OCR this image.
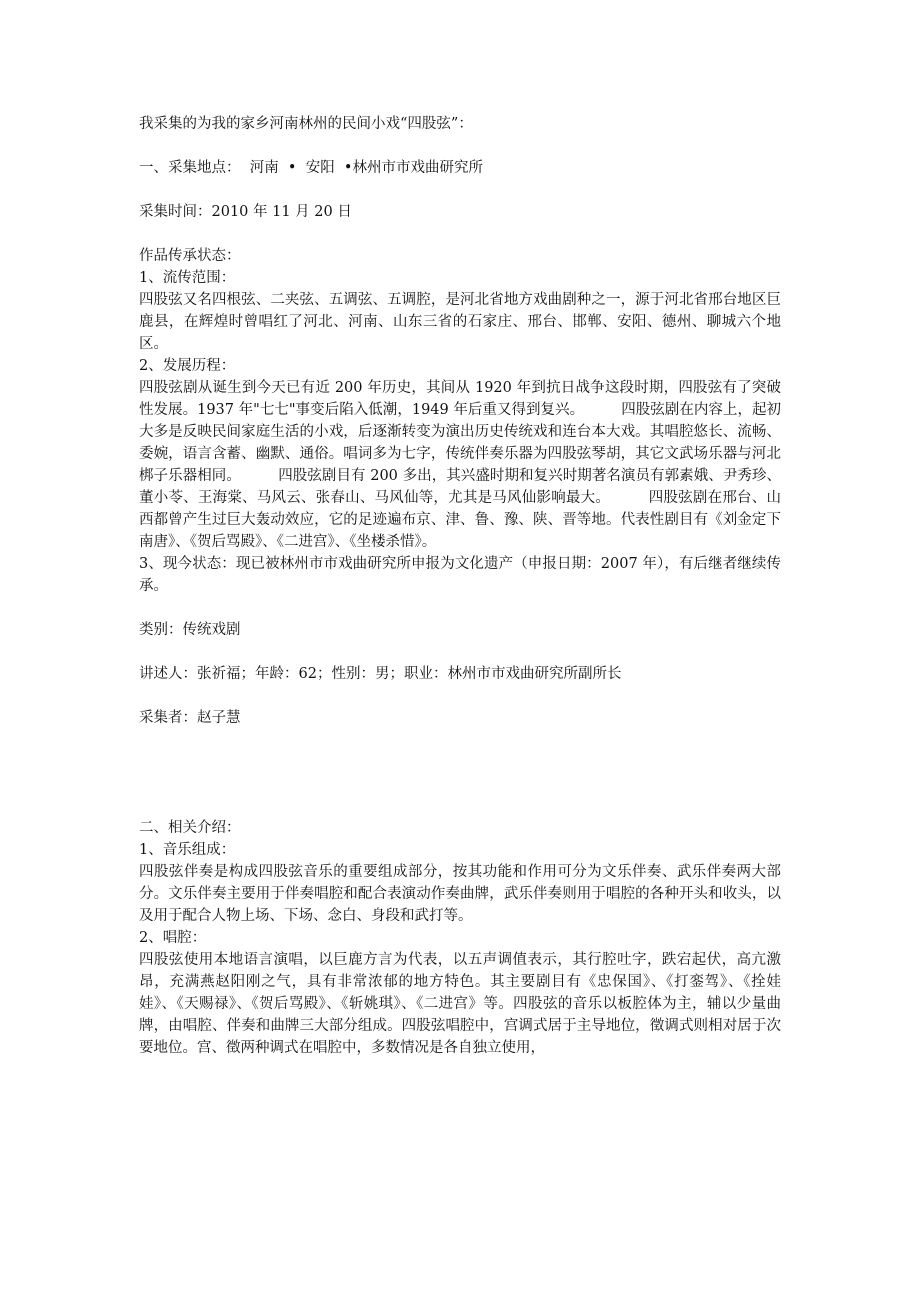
我采集的为我的家乡河南林州的民间小戏“四股弦”：

一、采集地点：  河南  •  安阳  •林州市市戏曲研究所

采集时间：2010 年 11 月 20 日

作品传承状态：

1、流传范围：

四股弦又名四根弦、二夹弦、五调弦、五调腔，是河北省地方戏曲剧种之一，源于河北省邢台地区巨鹿县，在辉煌时曾唱红了河北、河南、山东三省的石家庄、邢台、邯郸、安阳、德州、聊城六个地区。

2、发展历程：

四股弦剧从诞生到今天已有近 200 年历史，其间从 1920 年到抗日战争这段时期，四股弦有了突破性发展。1937 年"七七"事变后陷入低潮，1949 年后重又得到复兴。        四股弦剧在内容上，起初大多是反映民间家庭生活的小戏，后逐渐转变为演出历史传统戏和连台本大戏。其唱腔悠长、流畅、委婉，语言含蓄、幽默、通俗。唱词多为七字，传统伴奏乐器为四股弦琴胡，其它文武场乐器与河北梆子乐器相同。        四股弦剧目有 200 多出，其兴盛时期和复兴时期著名演员有郭素娥、尹秀珍、董小苓、王海棠、马风云、张春山、马风仙等，尤其是马风仙影响最大。        四股弦剧在邢台、山西都曾产生过巨大轰动效应，它的足迹遍布京、津、鲁、豫、陕、晋等地。代表性剧目有《刘金定下南唐》、《贺后骂殿》、《二进宫》、《坐楼杀惜》。

3、现今状态：现已被林州市市戏曲研究所申报为文化遗产（申报日期：2007 年），有后继者继续传承。

类别：传统戏剧

讲述人：张祈福；年龄：62；性别：男；职业：林州市市戏曲研究所副所长

采集者：赵子慧

二、相关介绍：

1、音乐组成：

四股弦伴奏是构成四股弦音乐的重要组成部分，按其功能和作用可分为文乐伴奏、武乐伴奏两大部分。文乐伴奏主要用于伴奏唱腔和配合表演动作奏曲牌，武乐伴奏则用于唱腔的各种开头和收头，以及用于配合人物上场、下场、念白、身段和武打等。

2、唱腔：

四股弦使用本地语言演唱，以巨鹿方言为代表，以五声调值表示，其行腔吐字，跌宕起伏，高亢激昂，充满燕赵阳刚之气，具有非常浓郁的地方特色。其主要剧目有《忠保国》、《打銮驾》、《拴娃娃》、《天赐禄》、《贺后骂殿》、《斩姚琪》、《二进宫》等。四股弦的音乐以板腔体为主，辅以少量曲牌，由唱腔、伴奏和曲牌三大部分组成。四股弦唱腔中，宫调式居于主导地位，徵调式则相对居于次要地位。宫、徵两种调式在唱腔中，多数情况是各自独立使用，
